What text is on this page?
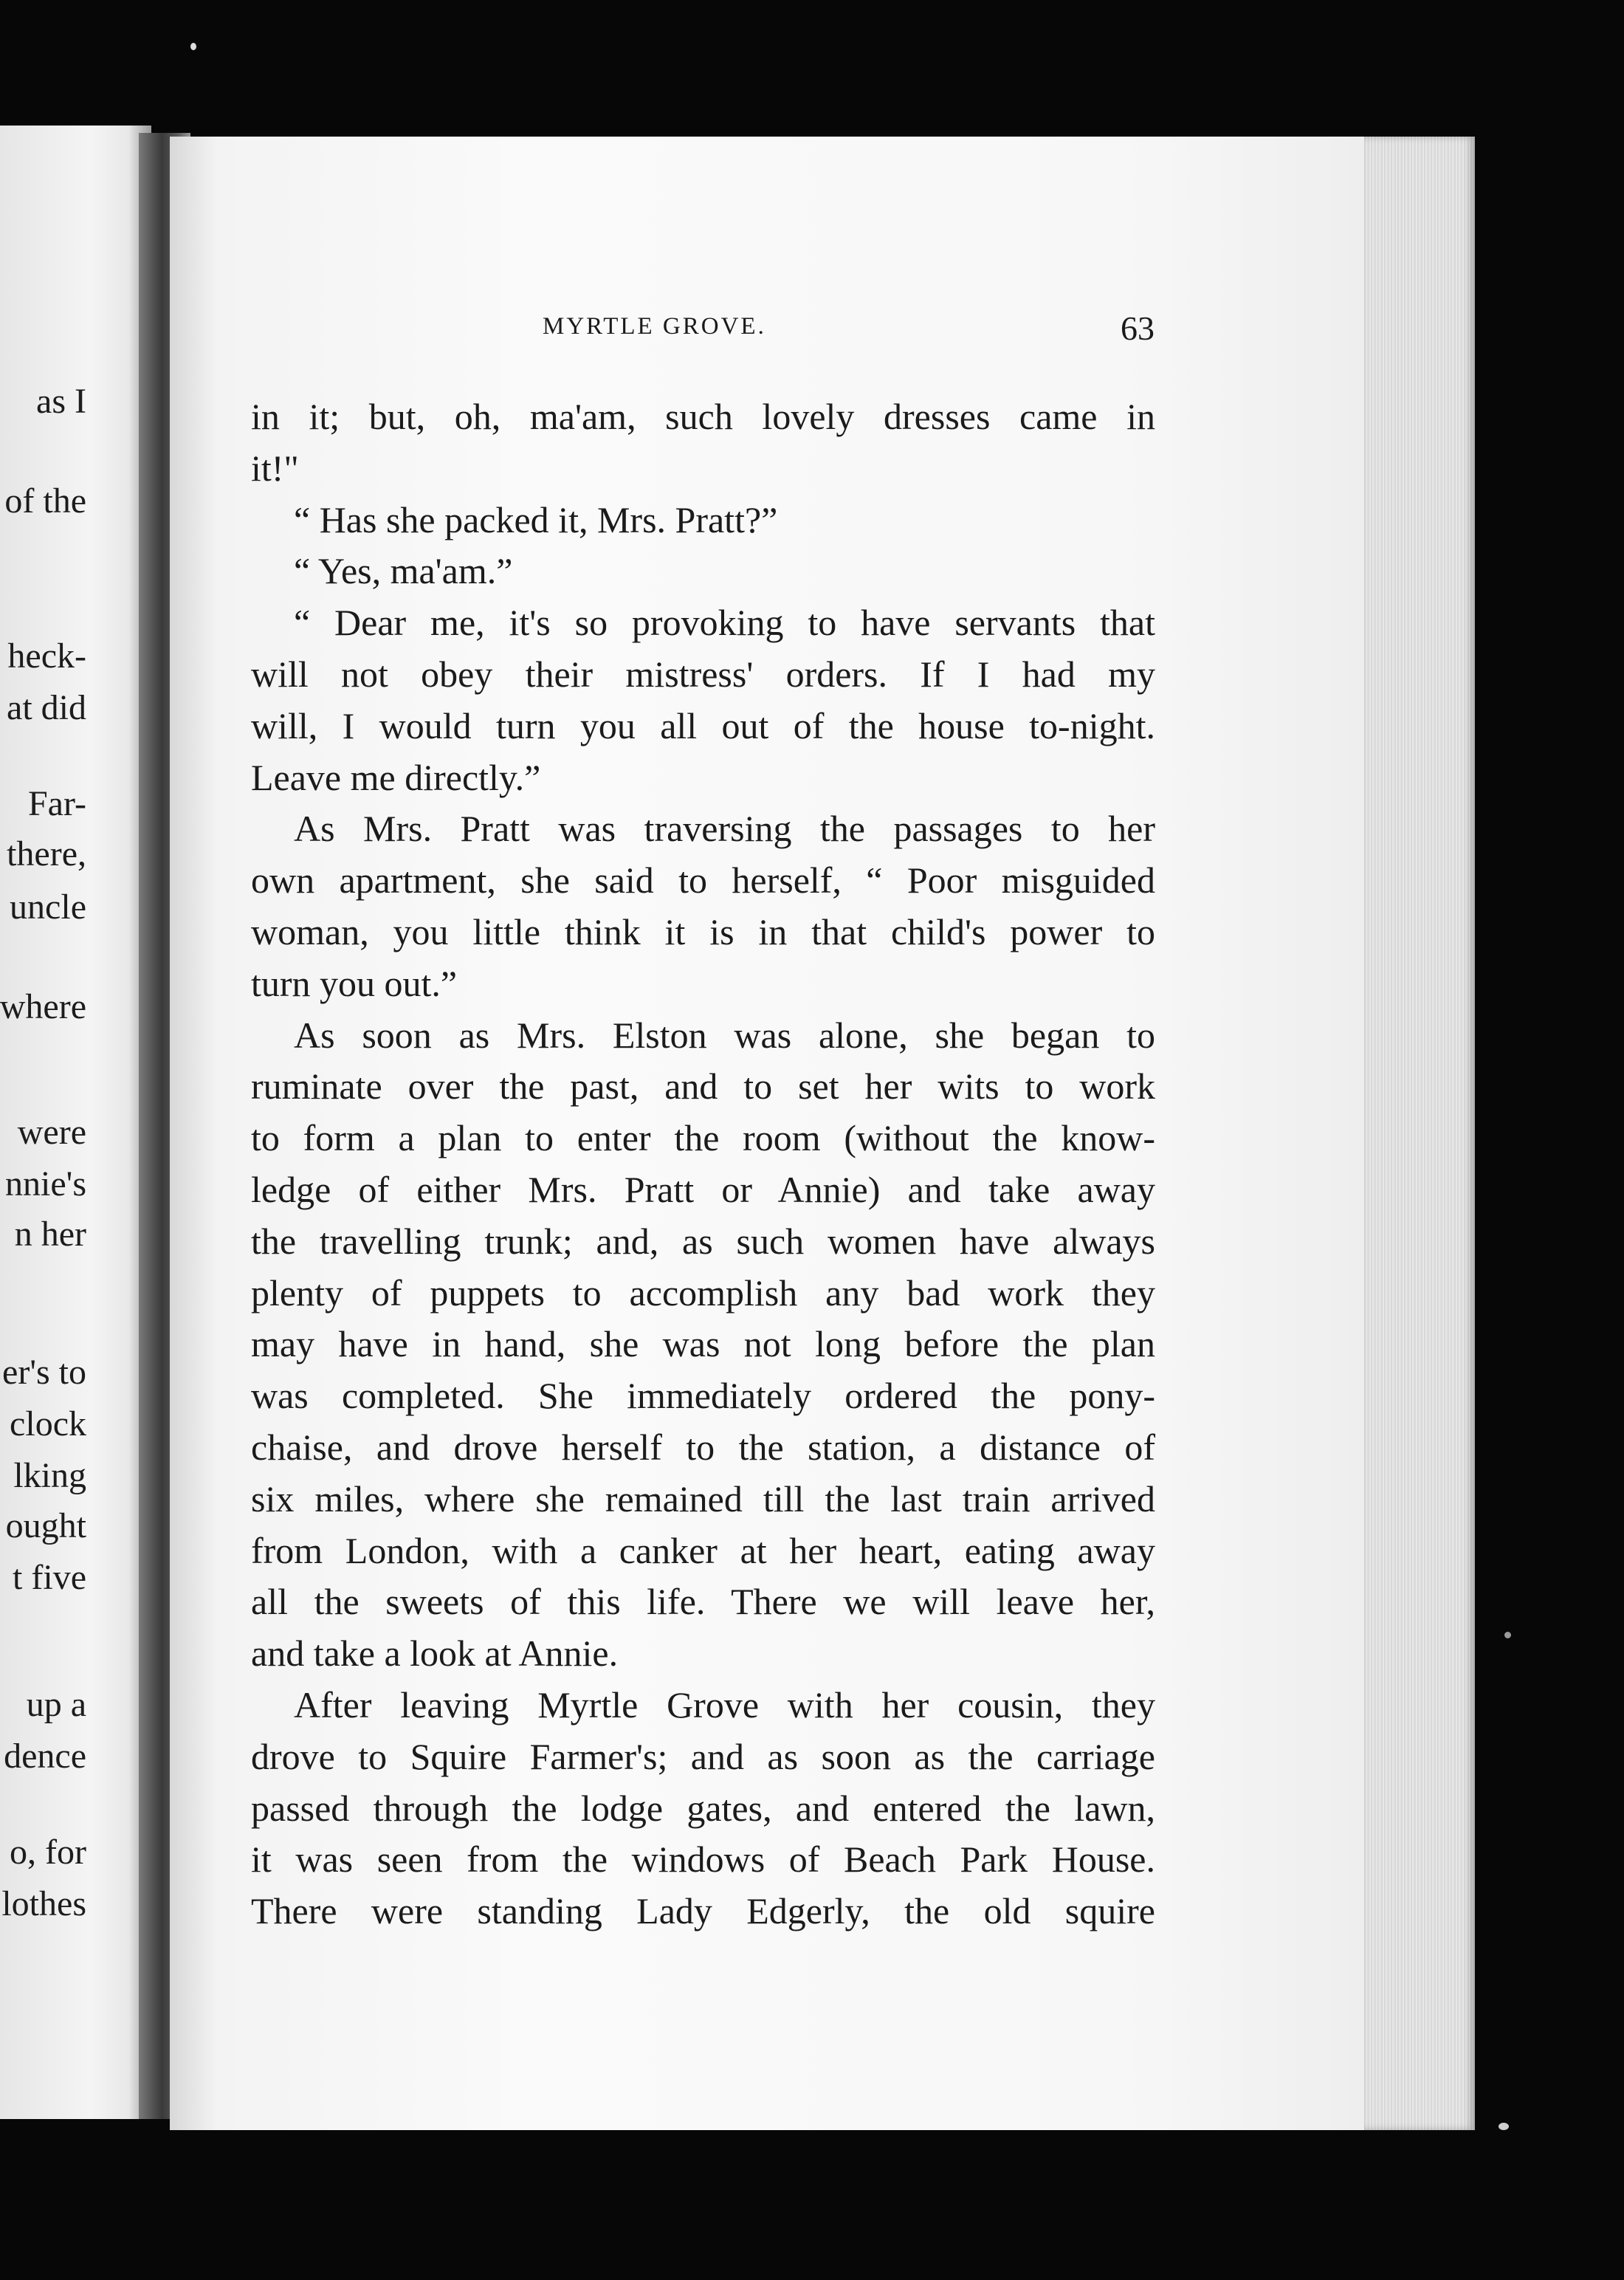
as I
of the
heck-
at did
Far-
there,
uncle
where
were
nnie's
n her
er's to
clock
lking
ought
t five
up a
dence
o, for
lothes
MYRTLE GROVE.	63
in it; but, oh, ma'am, such lovely dresses came in
it!"
“ Has she packed it, Mrs. Pratt?”
“ Yes, ma'am.”
“ Dear me, it's so provoking to have servants that
will not obey their mistress' orders. If I had my
will, I would turn you all out of the house to-night.
Leave me directly.”
As Mrs. Pratt was traversing the passages to her
own apartment, she said to herself, “ Poor misguided
woman, you little think it is in that child's power to
turn you out.”
As soon as Mrs. Elston was alone, she began to
ruminate over the past, and to set her wits to work
to form a plan to enter the room (without the know-
ledge of either Mrs. Pratt or Annie) and take away
the travelling trunk; and, as such women have always
plenty of puppets to accomplish any bad work they
may have in hand, she was not long before the plan
was completed. She immediately ordered the pony-
chaise, and drove herself to the station, a distance of
six miles, where she remained till the last train arrived
from London, with a canker at her heart, eating away
all the sweets of this life. There we will leave her,
and take a look at Annie.
After leaving Myrtle Grove with her cousin, they
drove to Squire Farmer's; and as soon as the carriage
passed through the lodge gates, and entered the lawn,
it was seen from the windows of Beach Park House.
There were standing Lady Edgerly, the old squire
